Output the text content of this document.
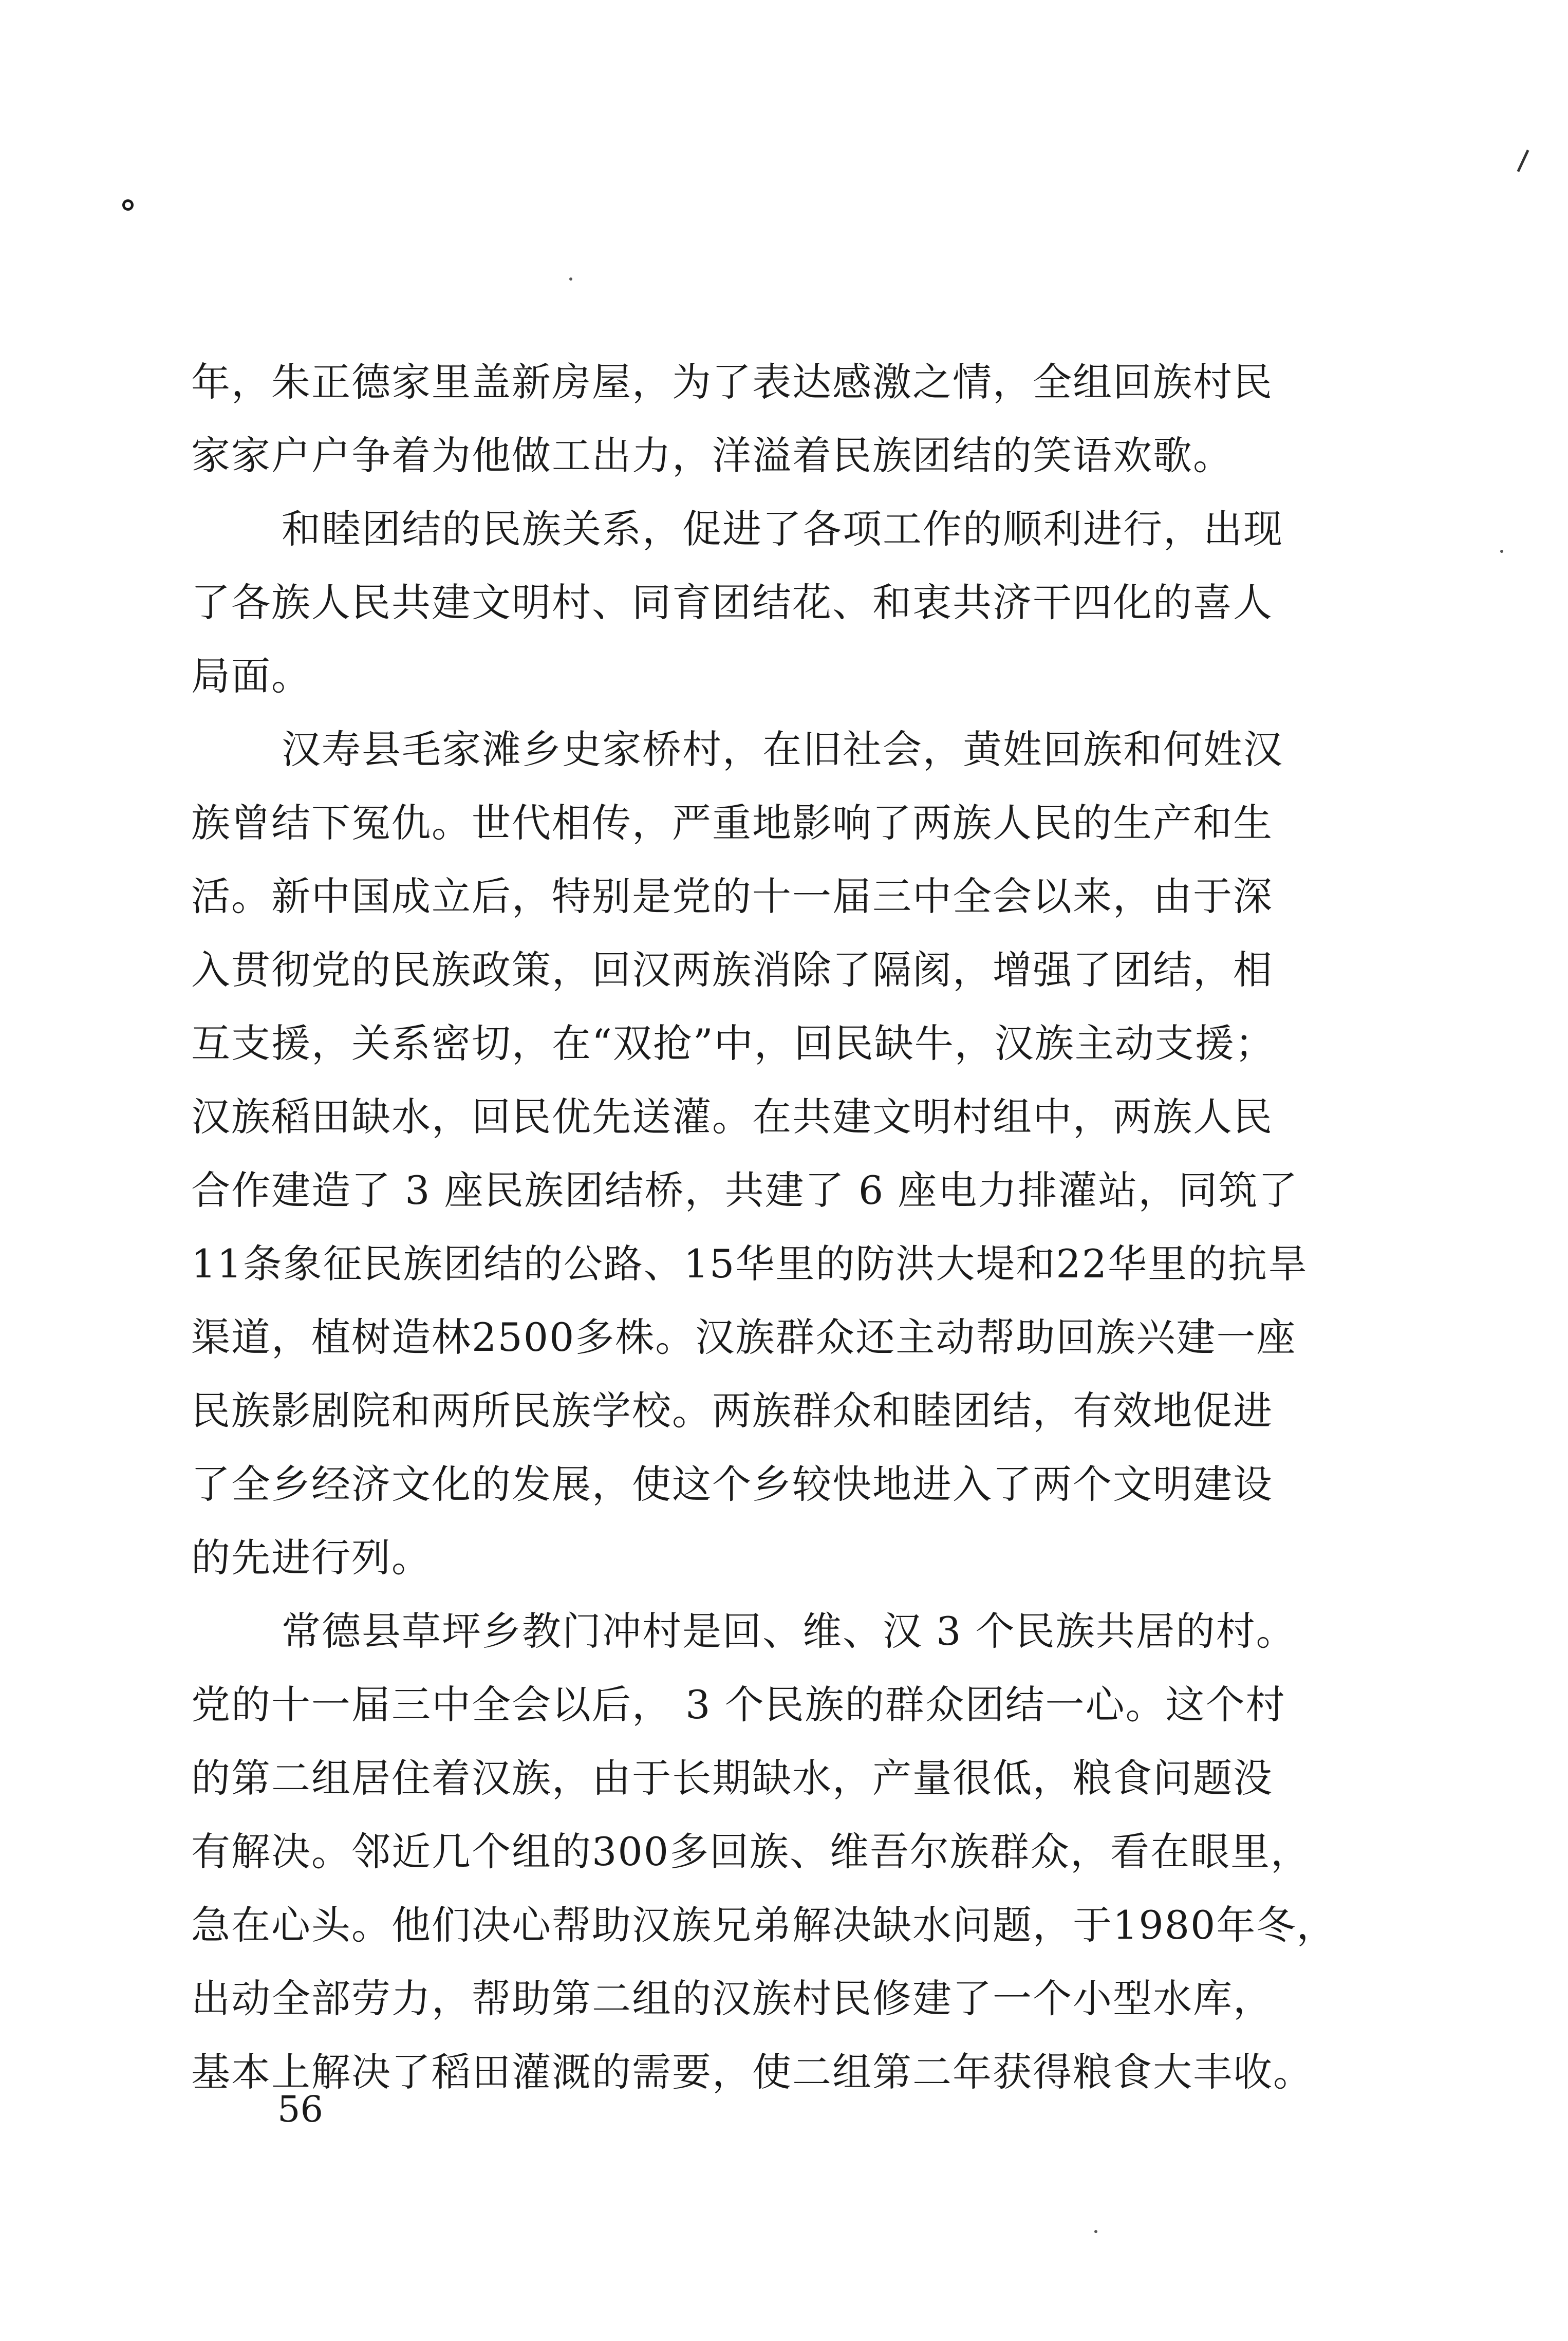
年，朱正德家里盖新房屋，为了表达感激之情，全组回族村民
家家户户争着为他做工出力，洋溢着民族团结的笑语欢歌。
和睦团结的民族关系，促进了各项工作的顺利进行，出现
了各族人民共建文明村、同育团结花、和衷共济干四化的喜人
局面。
汉寿县毛家滩乡史家桥村，在旧社会，黄姓回族和何姓汉
族曾结下冤仇。世代相传，严重地影响了两族人民的生产和生
活。新中国成立后，特别是党的十一届三中全会以来，由于深
入贯彻党的民族政策，回汉两族消除了隔阂，增强了团结，相
互支援，关系密切，在“双抢”中，回民缺牛，汉族主动支援；
汉族稻田缺水，回民优先送灌。在共建文明村组中，两族人民
合作建造了 3 座民族团结桥，共建了 6 座电力排灌站，同筑了
11条象征民族团结的公路、15华里的防洪大堤和22华里的抗旱
渠道，植树造林2500多株。汉族群众还主动帮助回族兴建一座
民族影剧院和两所民族学校。两族群众和睦团结，有效地促进
了全乡经济文化的发展，使这个乡较快地进入了两个文明建设
的先进行列。
常德县草坪乡教门冲村是回、维、汉 3 个民族共居的村。
党的十一届三中全会以后， 3 个民族的群众团结一心。这个村
的第二组居住着汉族，由于长期缺水，产量很低，粮食问题没
有解决。邻近几个组的300多回族、维吾尔族群众，看在眼里，
急在心头。他们决心帮助汉族兄弟解决缺水问题，于1980年冬，
出动全部劳力，帮助第二组的汉族村民修建了一个小型水库，
基本上解决了稻田灌溉的需要，使二组第二年获得粮食大丰收。
56
